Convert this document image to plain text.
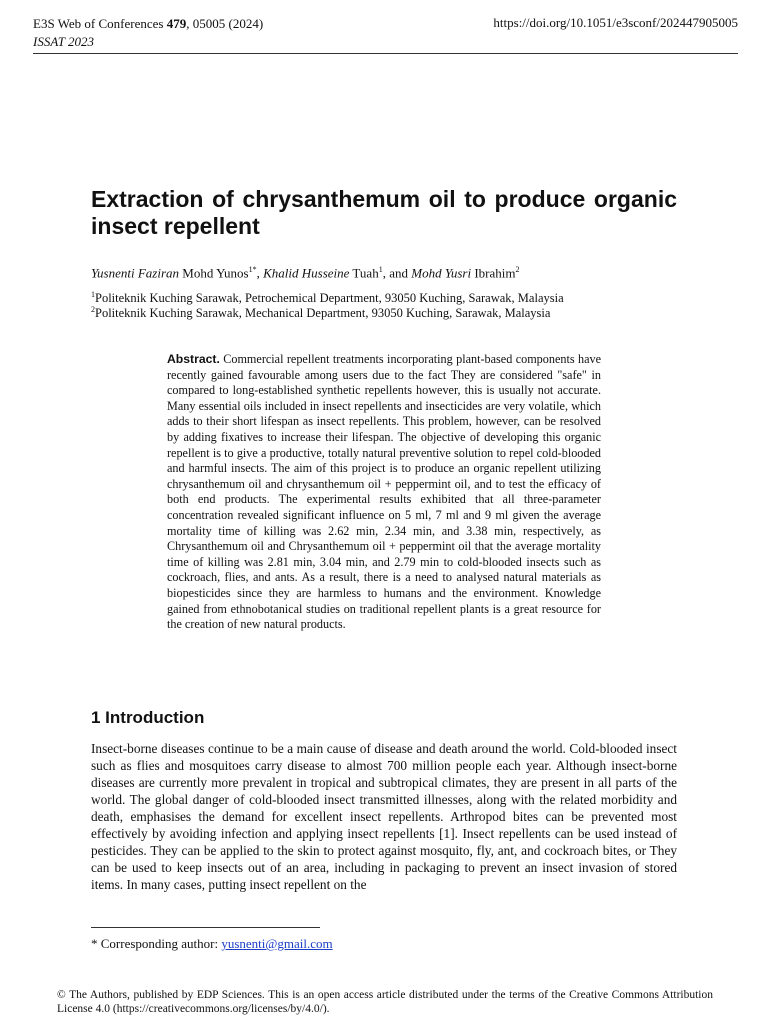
E3S Web of Conferences 479, 05005 (2024)
ISSAT 2023
https://doi.org/10.1051/e3sconf/202447905005
Extraction of chrysanthemum oil to produce organic insect repellent
Yusnenti Faziran Mohd Yunos$^{1*}$, Khalid Husseine Tuah$^1$, and Mohd Yusri Ibrahim$^2$
$^1$Politeknik Kuching Sarawak, Petrochemical Department, 93050 Kuching, Sarawak, Malaysia
$^2$Politeknik Kuching Sarawak, Mechanical Department, 93050 Kuching, Sarawak, Malaysia
Abstract. Commercial repellent treatments incorporating plant-based components have recently gained favourable among users due to the fact They are considered "safe" in compared to long-established synthetic repellents however, this is usually not accurate. Many essential oils included in insect repellents and insecticides are very volatile, which adds to their short lifespan as insect repellents. This problem, however, can be resolved by adding fixatives to increase their lifespan. The objective of developing this organic repellent is to give a productive, totally natural preventive solution to repel cold-blooded and harmful insects. The aim of this project is to produce an organic repellent utilizing chrysanthemum oil and chrysanthemum oil + peppermint oil, and to test the efficacy of both end products. The experimental results exhibited that all three-parameter concentration revealed significant influence on 5 ml, 7 ml and 9 ml given the average mortality time of killing was 2.62 min, 2.34 min, and 3.38 min, respectively, as Chrysanthemum oil and Chrysanthemum oil + peppermint oil that the average mortality time of killing was 2.81 min, 3.04 min, and 2.79 min to cold-blooded insects such as cockroach, flies, and ants. As a result, there is a need to analysed natural materials as biopesticides since they are harmless to humans and the environment. Knowledge gained from ethnobotanical studies on traditional repellent plants is a great resource for the creation of new natural products.
1 Introduction
Insect-borne diseases continue to be a main cause of disease and death around the world. Cold-blooded insect such as flies and mosquitoes carry disease to almost 700 million people each year. Although insect-borne diseases are currently more prevalent in tropical and subtropical climates, they are present in all parts of the world. The global danger of cold-blooded insect transmitted illnesses, along with the related morbidity and death, emphasises the demand for excellent insect repellents. Arthropod bites can be prevented most effectively by avoiding infection and applying insect repellents [1]. Insect repellents can be used instead of pesticides. They can be applied to the skin to protect against mosquito, fly, ant, and cockroach bites, or They can be used to keep insects out of an area, including in packaging to prevent an insect invasion of stored items. In many cases, putting insect repellent on the
* Corresponding author: yusnenti@gmail.com
© The Authors, published by EDP Sciences. This is an open access article distributed under the terms of the Creative Commons Attribution License 4.0 (https://creativecommons.org/licenses/by/4.0/).
